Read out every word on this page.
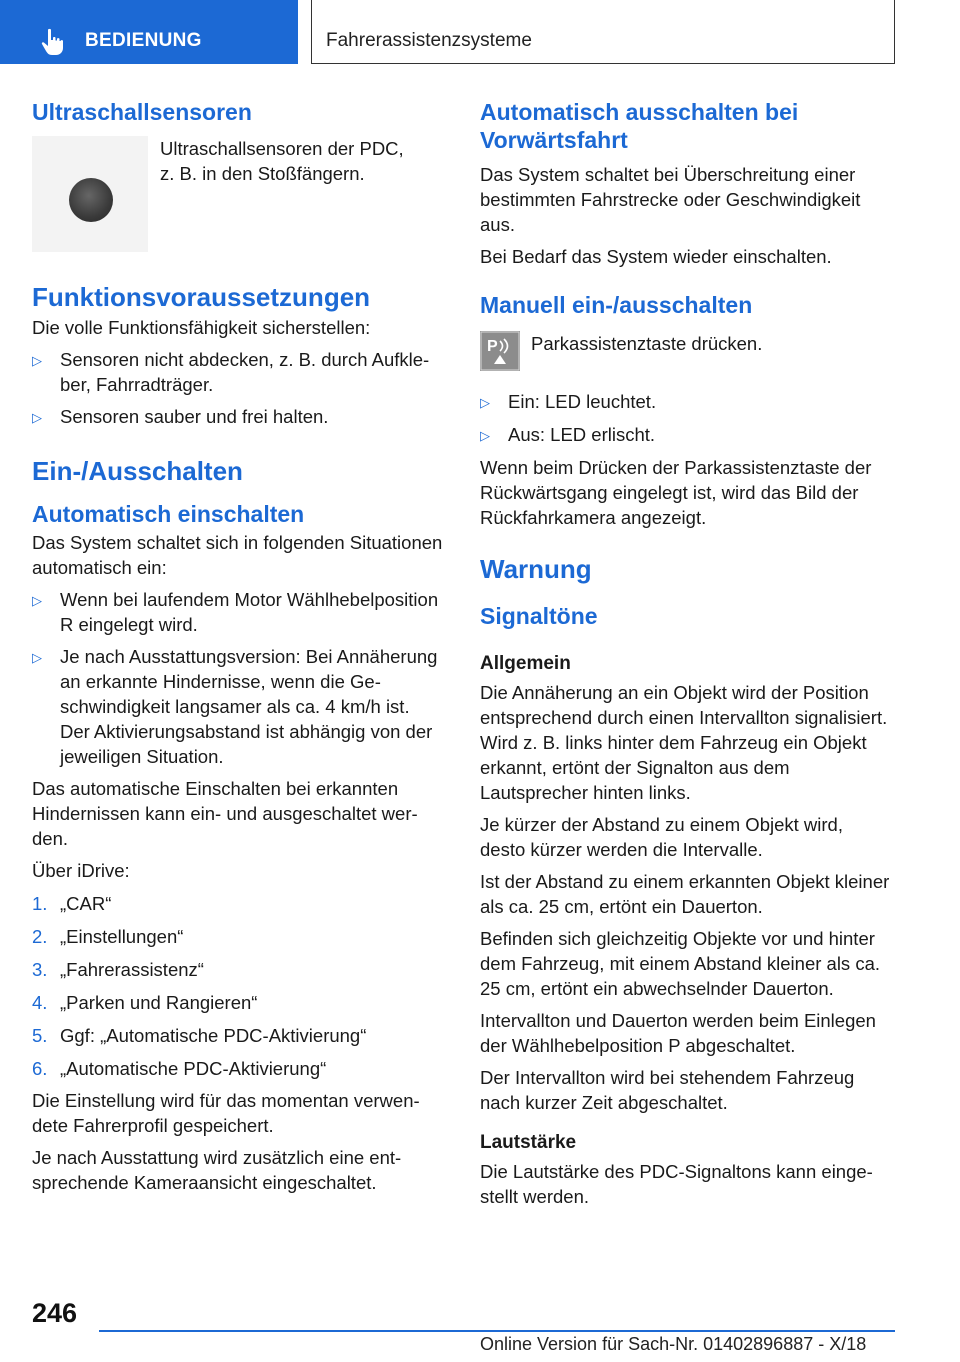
BEDIENUNG	Fahrerassistenzsysteme
Ultraschallsensoren

Ultraschallsensoren der PDC,

z. B. in den Stoßfängern.

Funktionsvoraussetzungen

Die volle Funktionsfähigkeit sicherstellen:

▷ Sensoren nicht abdecken, z. B. durch Aufkleber, Fahrradträger.
▷ Sensoren sauber und frei halten.
Ein-/Ausschalten
Automatisch einschalten

Das System schaltet sich in folgenden Situationen automatisch ein:

▷ Wenn bei laufendem Motor Wählhebelposition R eingelegt wird.
▷ Je nach Ausstattungsversion: Bei Annäherung an erkannte Hindernisse, wenn die Geschwindigkeit langsamer als ca. 4 km/h ist. Der Aktivierungsabstand ist abhängig von der jeweiligen Situation.

Das automatische Einschalten bei erkannten Hindernissen kann ein- und ausgeschaltet werden.

Über iDrive:

1. „CAR“
2. „Einstellungen“
3. „Fahrerassistenz“
4. „Parken und Rangieren“
5. Ggf: „Automatische PDC-Aktivierung“
6. „Automatische PDC-Aktivierung“

Die Einstellung wird für das momentan verwendete Fahrerprofil gespeichert.

Je nach Ausstattung wird zusätzlich eine entsprechende Kameraansicht eingeschaltet.

Automatisch ausschalten bei Vorwärtsfahrt

Das System schaltet bei Überschreitung einer bestimmten Fahrstrecke oder Geschwindigkeit aus.

Bei Bedarf das System wieder einschalten.

Manuell ein-/ausschalten
P Parkassistenztaste drücken.
▷ Ein: LED leuchtet.
▷ Aus: LED erlischt.

Wenn beim Drücken der Parkassistenztaste der Rückwärtsgang eingelegt ist, wird das Bild der Rückfahrkamera angezeigt.

Warnung
Signaltöne
Allgemein

Die Annäherung an ein Objekt wird der Position entsprechend durch einen Intervallton signalisiert. Wird z. B. links hinter dem Fahrzeug ein Objekt erkannt, ertönt der Signalton aus dem Lautsprecher hinten links.

Je kürzer der Abstand zu einem Objekt wird, desto kürzer werden die Intervalle.

Ist der Abstand zu einem erkannten Objekt kleiner als ca. 25 cm, ertönt ein Dauerton.

Befinden sich gleichzeitig Objekte vor und hinter dem Fahrzeug, mit einem Abstand kleiner als ca. 25 cm, ertönt ein abwechselnder Dauerton.

Intervallton und Dauerton werden beim Einlegen der Wählhebelposition P abgeschaltet.

Der Intervallton wird bei stehendem Fahrzeug nach kurzer Zeit abgeschaltet.

Lautstärke

Die Lautstärke des PDC-Signaltons kann eingestellt werden.

246
Online Version für Sach-Nr. 01402896887 - X/18
